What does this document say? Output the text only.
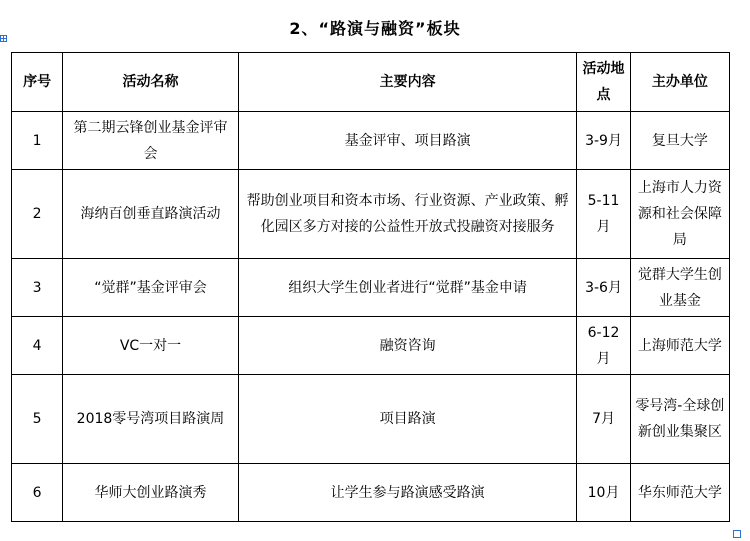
2、“路演与融资”板块
序号	活动名称	主要内容	活动地点	主办单位
1	第二期云锋创业基金评审会	基金评审、项目路演	3-9月	复旦大学
2	海纳百创垂直路演活动	帮助创业项目和资本市场、行业资源、产业政策、孵化园区多方对接的公益性开放式投融资对接服务	5-11月	上海市人力资源和社会保障局
3	“觉群”基金评审会	组织大学生创业者进行“觉群”基金申请	3-6月	觉群大学生创业基金
4	VC一对一	融资咨询	6-12月	上海师范大学
5	2018零号湾项目路演周	项目路演	7月	零号湾-全球创新创业集聚区
6	华师大创业路演秀	让学生参与路演感受路演	10月	华东师范大学
